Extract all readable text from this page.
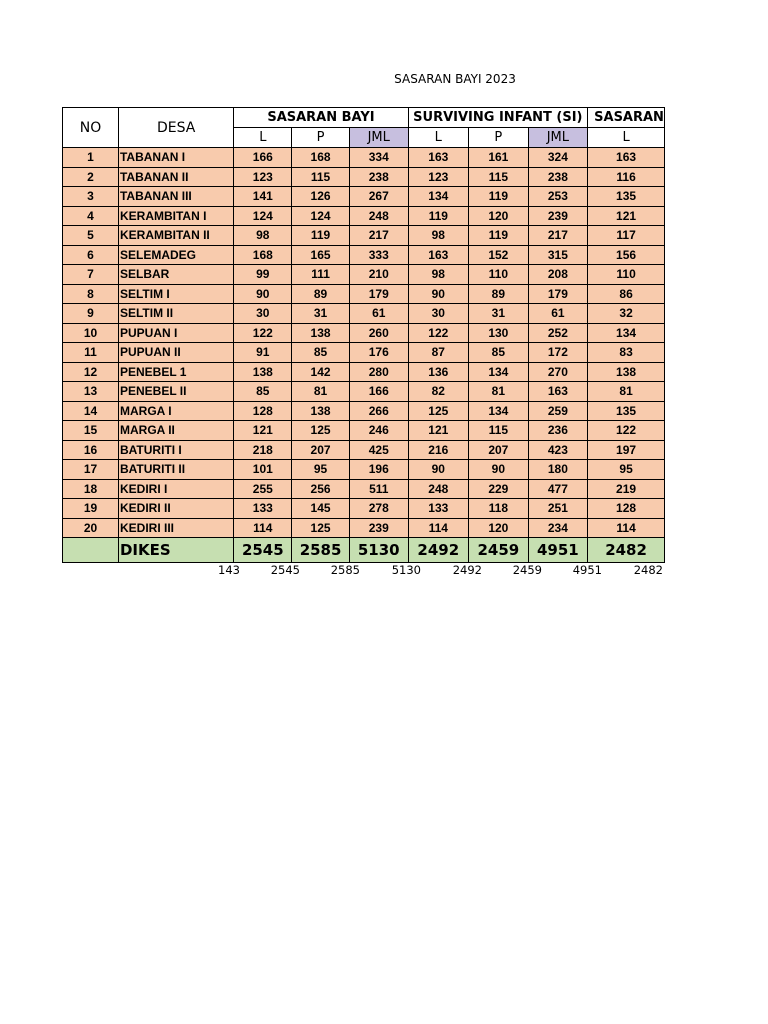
SASARAN BAYI 2023
NO	DESA	SASARAN BAYI			SURVIVING INFANT (SI)			SASARAN
		L	P	JML	L	P	JML	L
1	TABANAN I	166	168	334	163	161	324	163
2	TABANAN II	123	115	238	123	115	238	116
3	TABANAN III	141	126	267	134	119	253	135
4	KERAMBITAN I	124	124	248	119	120	239	121
5	KERAMBITAN II	98	119	217	98	119	217	117
6	SELEMADEG	168	165	333	163	152	315	156
7	SELBAR	99	111	210	98	110	208	110
8	SELTIM I	90	89	179	90	89	179	86
9	SELTIM II	30	31	61	30	31	61	32
10	PUPUAN I	122	138	260	122	130	252	134
11	PUPUAN II	91	85	176	87	85	172	83
12	PENEBEL 1	138	142	280	136	134	270	138
13	PENEBEL II	85	81	166	82	81	163	81
14	MARGA I	128	138	266	125	134	259	135
15	MARGA II	121	125	246	121	115	236	122
16	BATURITI I	218	207	425	216	207	423	197
17	BATURITI II	101	95	196	90	90	180	95
18	KEDIRI I	255	256	511	248	229	477	219
19	KEDIRI II	133	145	278	133	118	251	128
20	KEDIRI III	114	125	239	114	120	234	114
	DIKES	2545	2585	5130	2492	2459	4951	2482
	143	2545	2585	5130	2492	2459	4951	2482
